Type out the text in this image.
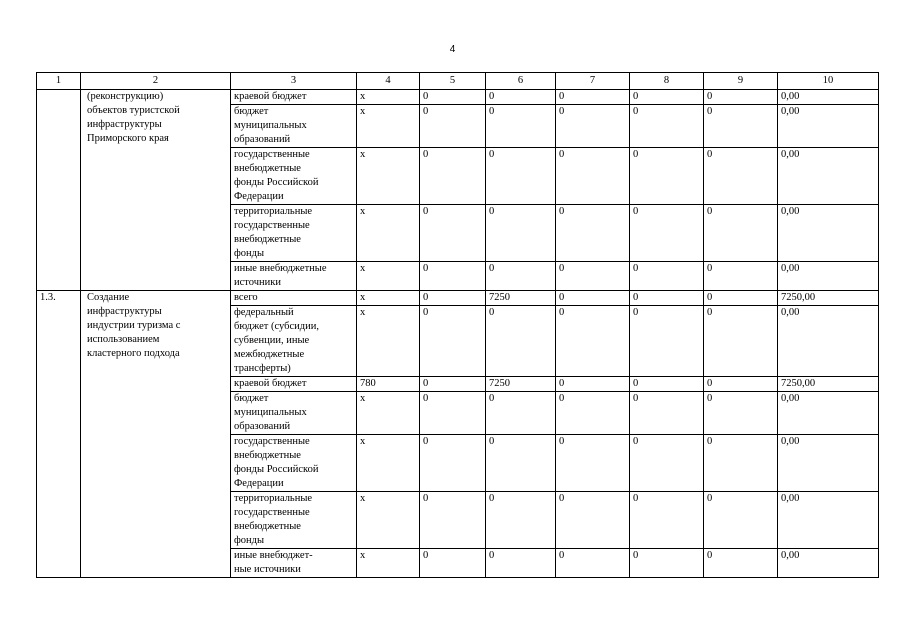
4
1	2	3	4	5	6	7	8	9	10
	(реконструкцию)
объектов туристской
инфраструктуры
Приморского края	краевой бюджет	х	0	0	0	0	0	0,00
		бюджет
муниципальных
образований	х	0	0	0	0	0	0,00
		государственные
внебюджетные
фонды Российской
Федерации	х	0	0	0	0	0	0,00
		территориальные
государственные
внебюджетные
фонды	х	0	0	0	0	0	0,00
		иные внебюджетные
источники	х	0	0	0	0	0	0,00
1.3.	Создание
инфраструктуры
индустрии туризма с
использованием
кластерного подхода	всего	х	0	7250	0	0	0	7250,00
		федеральный
бюджет (субсидии,
субвенции, иные
межбюджетные
трансферты)	х	0	0	0	0	0	0,00
		краевой бюджет	780	0	7250	0	0	0	7250,00
		бюджет
муниципальных
образований	х	0	0	0	0	0	0,00
		государственные
внебюджетные
фонды Российской
Федерации	х	0	0	0	0	0	0,00
		территориальные
государственные
внебюджетные
фонды	х	0	0	0	0	0	0,00
		иные внебюджет-
ные источники	х	0	0	0	0	0	0,00
